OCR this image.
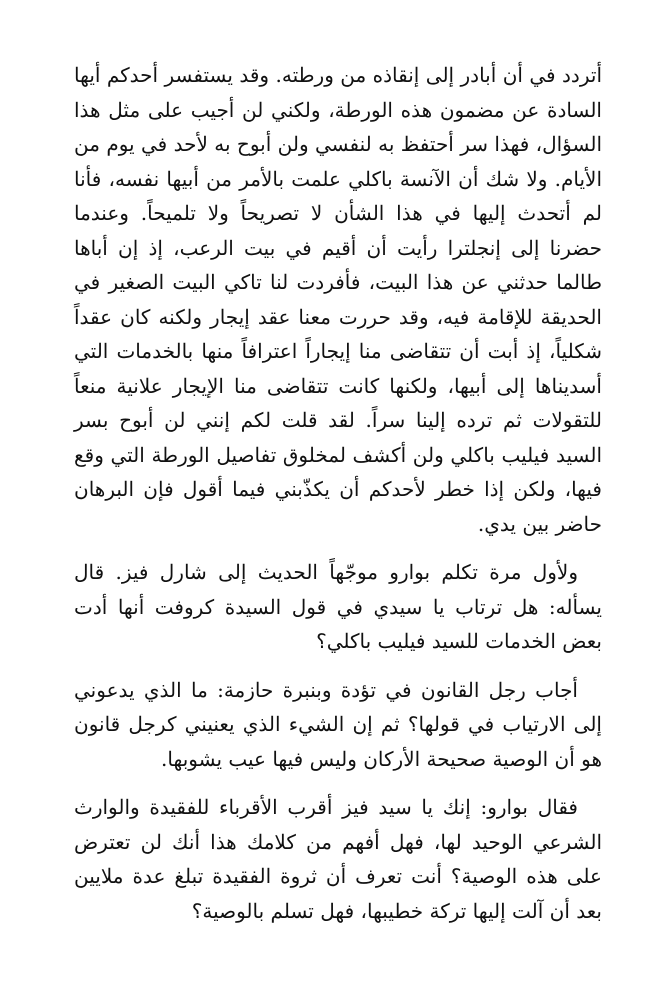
أتردد في أن أبادر إلى إنقاذه من ورطته. وقد يستفسر أحدكم أيها السادة عن مضمون هذه الورطة، ولكني لن أجيب على مثل هذا السؤال، فهذا سر أحتفظ به لنفسي ولن أبوح به لأحد في يوم من الأيام. ولا شك أن الآنسة باكلي علمت بالأمر من أبيها نفسه، فأنا لم أتحدث إليها في هذا الشأن لا تصريحاً ولا تلميحاً. وعندما حضرنا إلى إنجلترا رأيت أن أقيم في بيت الرعب، إذ إن أباها طالما حدثني عن هذا البيت، فأفردت لنا تاكي البيت الصغير في الحديقة للإقامة فيه، وقد حررت معنا عقد إيجار ولكنه كان عقداً شكلياً، إذ أبت أن تتقاضى منا إيجاراً اعترافاً منها بالخدمات التي أسديناها إلى أبيها، ولكنها كانت تتقاضى منا الإيجار علانية منعاً للتقولات ثم ترده إلينا سراً. لقد قلت لكم إنني لن أبوح بسر السيد فيليب باكلي ولن أكشف لمخلوق تفاصيل الورطة التي وقع فيها، ولكن إذا خطر لأحدكم أن يكذّبني فيما أقول فإن البرهان حاضر بين يدي.

ولأول مرة تكلم بوارو موجّهاً الحديث إلى شارل فيز. قال يسأله: هل ترتاب يا سيدي في قول السيدة كروفت أنها أدت بعض الخدمات للسيد فيليب باكلي؟

أجاب رجل القانون في تؤدة وبنبرة حازمة: ما الذي يدعوني إلى الارتياب في قولها؟ ثم إن الشيء الذي يعنيني كرجل قانون هو أن الوصية صحيحة الأركان وليس فيها عيب يشوبها.

فقال بوارو: إنك يا سيد فيز أقرب الأقرباء للفقيدة والوارث الشرعي الوحيد لها، فهل أفهم من كلامك هذا أنك لن تعترض على هذه الوصية؟ أنت تعرف أن ثروة الفقيدة تبلغ عدة ملايين بعد أن آلت إليها تركة خطيبها، فهل تسلم بالوصية؟
